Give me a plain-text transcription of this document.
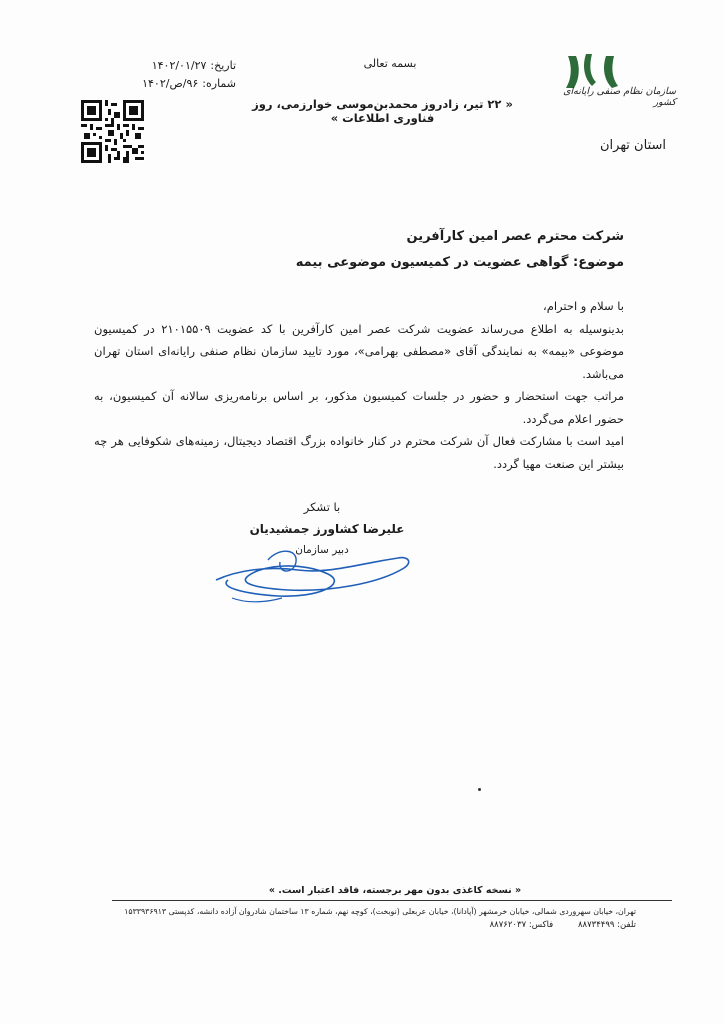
بسمه تعالی
سازمان نظام صنفی رایانه‌ای کشور
استان تهران
« ۲۲ تیر، زادروز محمدبن‌موسی خوارزمی، روز فناوری اطلاعات »
تاریخ:
۱۴۰۲/۰۱/۲۷
شماره:
۹۶/ص/۱۴۰۲
شرکت محترم عصر امین کارآفرین
موضوع: گواهی عضویت در کمیسیون موضوعی بیمه

با سلام و احترام،

بدینوسیله به اطلاع می‌رساند عضویت شرکت عصر امین کارآفرین با کد عضویت ۲۱۰۱۵۵۰۹ در کمیسیون موضوعی «بیمه» به نمایندگی آقای «مصطفی بهرامی»، مورد تایید سازمان نظام صنفی رایانه‌ای استان تهران می‌باشد.

مراتب جهت استحضار و حضور در جلسات کمیسیون مذکور، بر اساس برنامه‌ریزی سالانه آن کمیسیون، به حضور اعلام می‌گردد.

امید است با مشارکت فعال آن شرکت محترم در کنار خانواده بزرگ اقتصاد دیجیتال، زمینه‌های شکوفایی هر چه بیشتر این صنعت مهیا گردد.

با تشکر
علیرضا کشاورز جمشیدیان
دبیر سازمان
« نسخه کاغذی بدون مهر برجسته، فاقد اعتبار است. »
تهران، خیابان سهروردی شمالی، خیابان خرمشهر (آپادانا)، خیابان عربعلی (نوبخت)، کوچه نهم، شماره ۱۳ ساختمان شادروان آزاده دانشه، کدپستی ۱۵۳۳۹۳۶۹۱۳
تلفن: ۸۸۷۳۴۴۹۹ فاکس: ۸۸۷۶۲۰۳۷
